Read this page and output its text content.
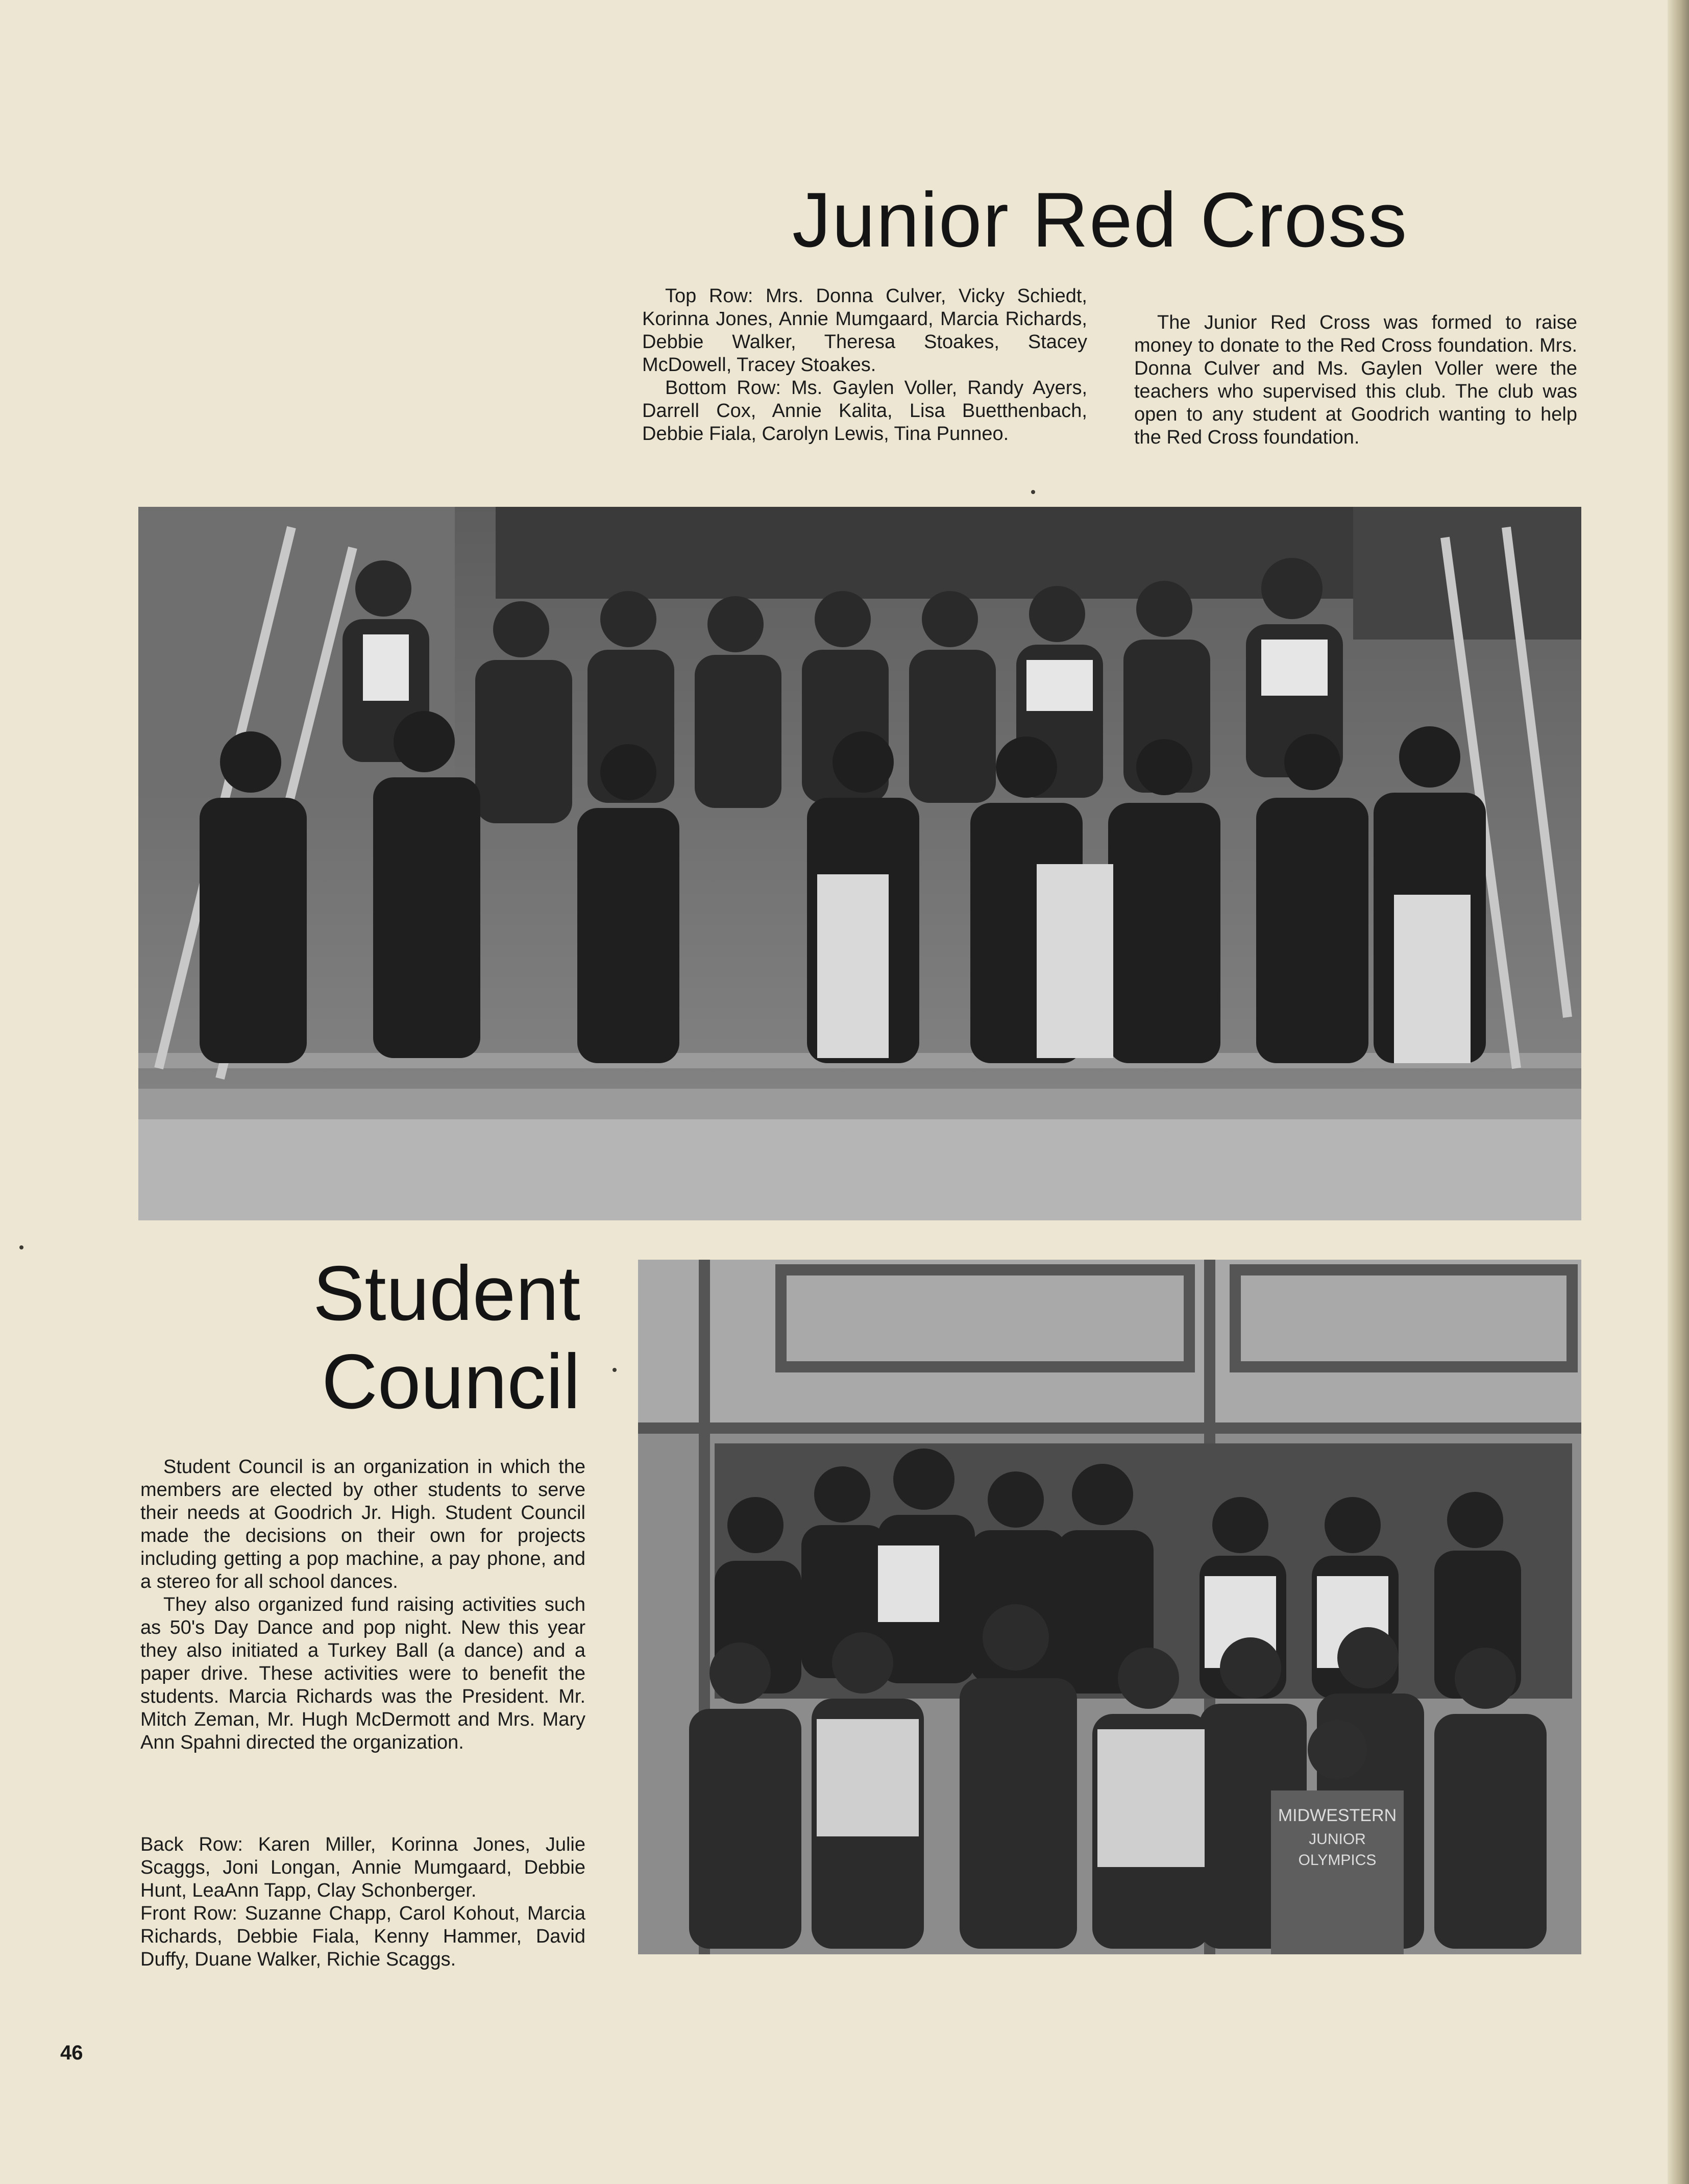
Junior Red Cross

Top Row: Mrs. Donna Culver, Vicky Schiedt, Korinna Jones, Annie Mumgaard, Marcia Richards, Debbie Walker, Theresa Stoakes, Stacey McDowell, Tracey Stoakes.

Bottom Row: Ms. Gaylen Voller, Randy Ayers, Darrell Cox, Annie Kalita, Lisa Buetthenbach, Debbie Fiala, Carolyn Lewis, Tina Punneo.

The Junior Red Cross was formed to raise money to donate to the Red Cross foundation. Mrs. Donna Culver and Ms. Gaylen Voller were the teachers who supervised this club. The club was open to any student at Goodrich wanting to help the Red Cross foundation.

Student
Council

Student Council is an organization in which the members are elected by other students to serve their needs at Goodrich Jr. High. Student Council made the decisions on their own for projects including getting a pop machine, a pay phone, and a stereo for all school dances.

They also organized fund raising activities such as 50's Day Dance and pop night. New this year they also initiated a Turkey Ball (a dance) and a paper drive. These activities were to benefit the students. Marcia Richards was the President. Mr. Mitch Zeman, Mr. Hugh McDermott and Mrs. Mary Ann Spahni directed the organization.

Back Row: Karen Miller, Korinna Jones, Julie Scaggs, Joni Longan, Annie Mumgaard, Debbie Hunt, LeaAnn Tapp, Clay Schonberger.

Front Row: Suzanne Chapp, Carol Kohout, Marcia Richards, Debbie Fiala, Kenny Hammer, David Duffy, Duane Walker, Richie Scaggs.

MIDWESTERN
JUNIOR
OLYMPICS
46
